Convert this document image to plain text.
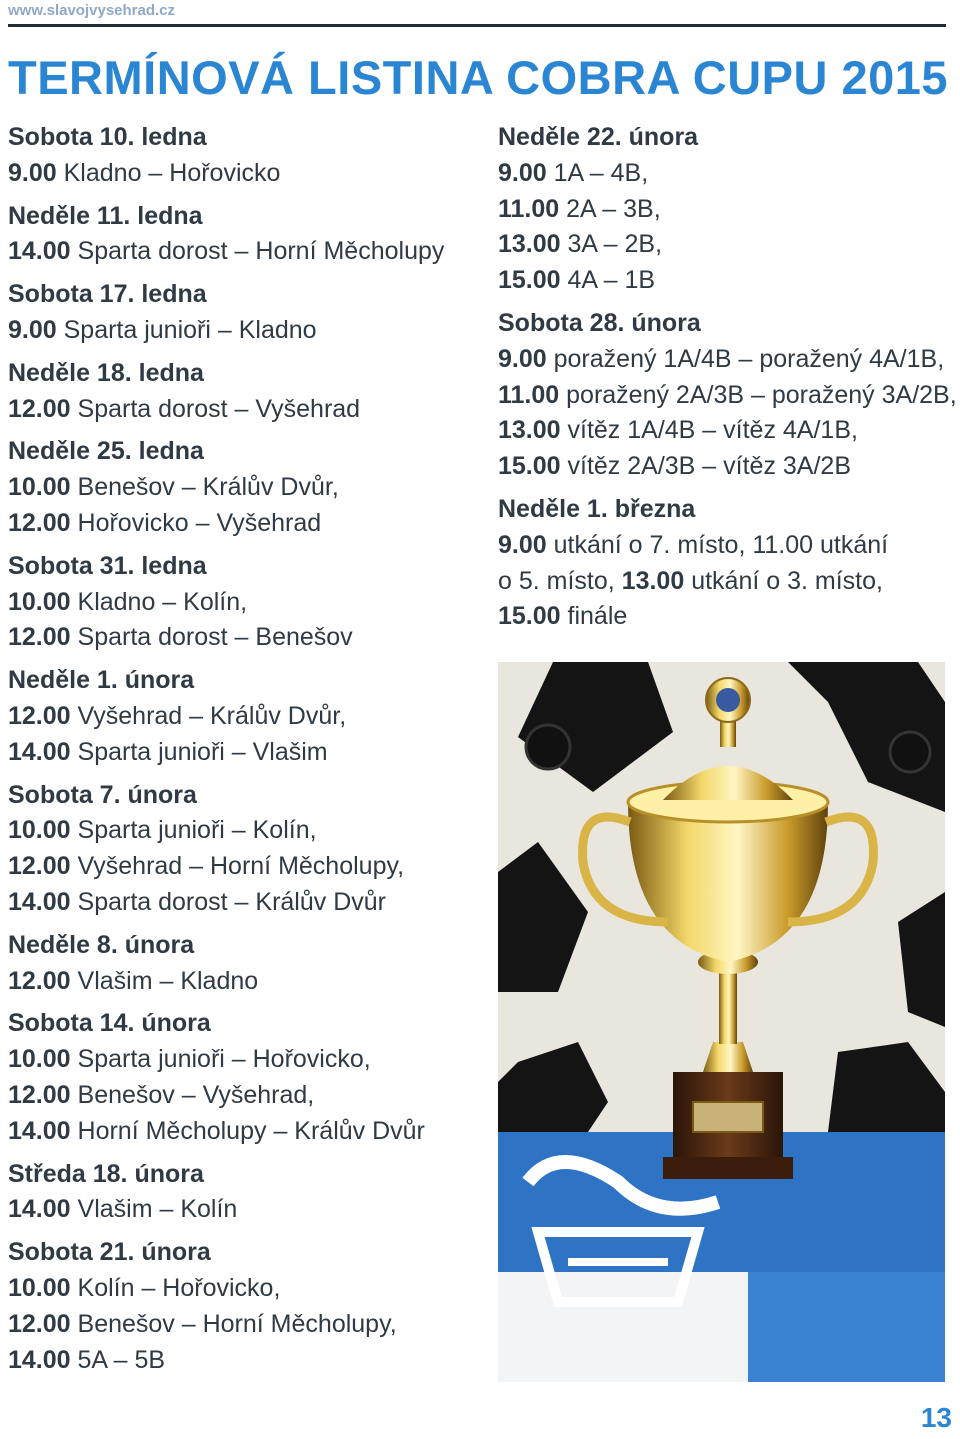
www.slavojvysehrad.cz
TERMÍNOVÁ LISTINA COBRA CUPU 2015
Sobota 10. ledna
9.00 Kladno – Hořovicko
Neděle 11. ledna
14.00 Sparta dorost – Horní Měcholupy
Sobota 17. ledna
9.00 Sparta junioři – Kladno
Neděle 18. ledna
12.00 Sparta dorost – Vyšehrad
Neděle 25. ledna
10.00 Benešov – Králův Dvůr,
12.00 Hořovicko – Vyšehrad
Sobota 31. ledna
10.00 Kladno – Kolín,
12.00 Sparta dorost – Benešov
Neděle 1. února
12.00 Vyšehrad – Králův Dvůr,
14.00 Sparta junioři – Vlašim
Sobota 7. února
10.00 Sparta junioři – Kolín,
12.00 Vyšehrad – Horní Měcholupy,
14.00 Sparta dorost – Králův Dvůr
Neděle 8. února
12.00 Vlašim – Kladno
Sobota 14. února
10.00 Sparta junioři – Hořovicko,
12.00 Benešov – Vyšehrad,
14.00 Horní Měcholupy – Králův Dvůr
Středa 18. února
14.00 Vlašim – Kolín
Sobota 21. února
10.00 Kolín – Hořovicko,
12.00 Benešov – Horní Měcholupy,
14.00 5A – 5B
Neděle 22. února
9.00 1A – 4B,
11.00 2A – 3B,
13.00 3A – 2B,
15.00 4A – 1B
Sobota 28. února
9.00 poražený 1A/4B – poražený 4A/1B,
11.00 poražený 2A/3B – poražený 3A/2B,
13.00 vítěz 1A/4B – vítěz 4A/1B,
15.00 vítěz 2A/3B – vítěz 3A/2B
Neděle 1. března
9.00 utkání o 7. místo, 11.00 utkání
o 5. místo, 13.00 utkání o 3. místo,
15.00 finále
13
